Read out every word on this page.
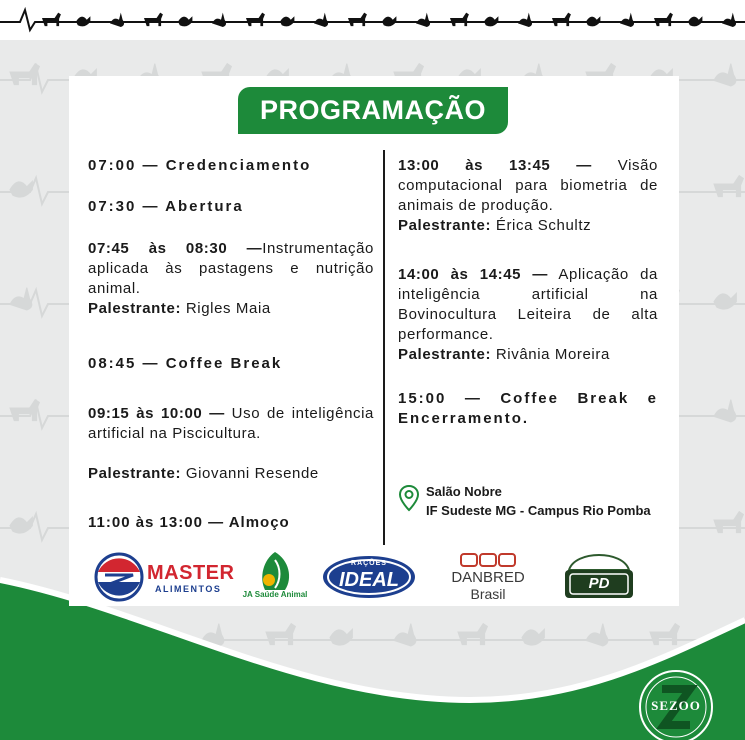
PROGRAMAÇÃO
07:00 — Credenciamento
07:30 — Abertura
07:45 às 08:30 —Instrumentação aplicada às pastagens e nutrição animal.
Palestrante: Rigles Maia
08:45 — Coffee Break
09:15 às 10:00 — Uso de inteligência artificial na Piscicultura.
Palestrante: Giovanni Resende
11:00 às 13:00 — Almoço
13:00 às 13:45 — Visão computacional para biometria de animais de produção.
Palestrante: Érica Schultz
14:00 às 14:45 — Aplicação da inteligência artificial na Bovinocultura Leiteira de alta performance.
Palestrante: Rivânia Moreira
15:00 — Coffee Break e Encerramento.
Salão Nobre
IF Sudeste MG - Campus Rio Pomba
MASTER
ALIMENTOS
JA Saúde Animal
RAÇÕES
IDEAL	DANBRED
Brasil
PD
SEZOO
